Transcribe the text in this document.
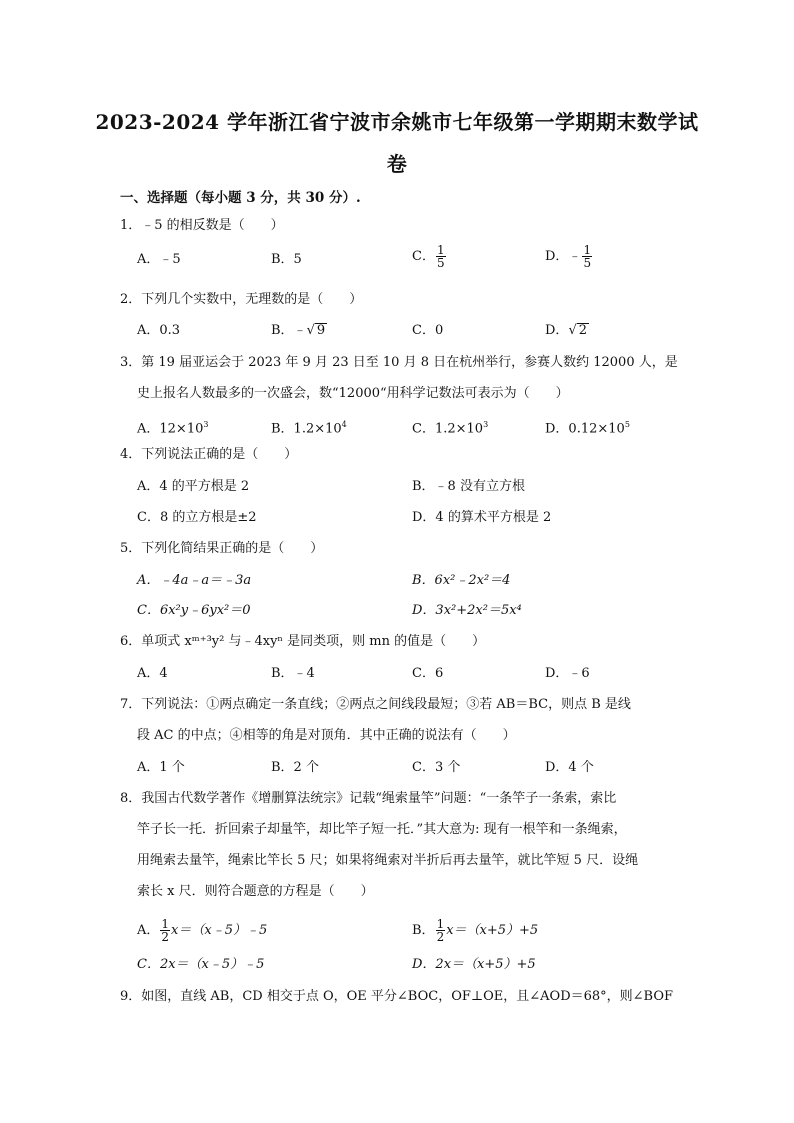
2023-2024 学年浙江省宁波市余姚市七年级第一学期期末数学试
卷
一、选择题（每小题 3 分，共 30 分）.
1．﹣5 的相反数是（　　）
A．﹣5	B．5	C． $\frac{1}{5}$	D．﹣ $\frac{1}{5}$
2．下列几个实数中，无理数的是（　　）
A．0.3	B．﹣√ 9	C．0	D．√ 2
3．第 19 届亚运会于 2023 年 9 月 23 日至 10 月 8 日在杭州举行，参赛人数约 12000 人，是
史上报名人数最多的一次盛会，数“12000“用科学记数法可表示为（　　）
A．$12\times 10^3$	B．$1.2\times 10^4$	C．$1.2\times 10^3$	D．$0.12\times 10^5$
4．下列说法正确的是（　　）
A．4 的平方根是 2	B．﹣8 没有立方根
C．8 的立方根是±2	D．4 的算术平方根是 2
5．下列化简结果正确的是（　　）
A．﹣4a﹣a＝﹣3a	B．6x²﹣2x²＝4
C．6x²y﹣6yx²＝0	D．3x²+2x²＝5x⁴
6．单项式 xᵐ⁺³y² 与﹣4xyⁿ 是同类项，则 mn 的值是（　　）
A．4	B．﹣4	C．6	D．﹣6
7．下列说法：①两点确定一条直线；②两点之间线段最短；③若 AB＝BC，则点 B 是线
段 AC 的中点；④相等的角是对顶角．其中正确的说法有（　　）
A．1 个	B．2 个	C．3 个	D．4 个
8．我国古代数学著作《增删算法统宗》记载“绳索量竿”问题：“一条竿子一条索，索比
竿子长一托．折回索子却量竿，却比竿子短一托．”其大意为: 现有一根竿和一条绳索，
用绳索去量竿，绳索比竿长 5 尺；如果将绳索对半折后再去量竿，就比竿短 5 尺．设绳
索长 x 尺．则符合题意的方程是（　　）
A． $\frac{1}{2}$ x＝（x﹣5）﹣5	B． $\frac{1}{2} x=(x+5)+5$
C．2x＝（x﹣5）﹣5	D．2x＝（x+5）+5
9．如图，直线 AB，CD 相交于点 O，OE 平分∠BOC，OF⊥OE，且∠AOD＝68°，则∠BOF
